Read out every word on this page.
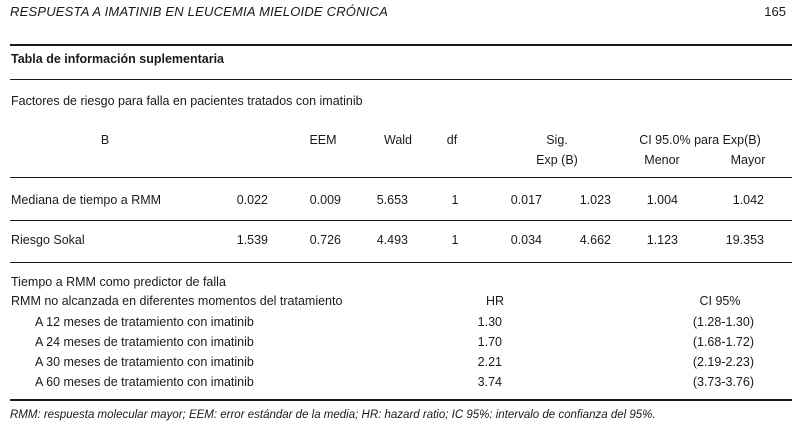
RESPUESTA A IMATINIB EN LEUCEMIA MIELOIDE CRÓNICA	165
Tabla de información suplementaria
Factores de riesgo para falla en pacientes tratados con imatinib
B	EEM	Wald	df	Sig.	CI 95.0% para Exp(B)
Exp (B)	Menor	Mayor
Mediana de tiempo a RMM	0.022	0.009	5.653	1	0.017	1.023	1.004	1.042
Riesgo Sokal	1.539	0.726	4.493	1	0.034	4.662	1.123	19.353
Tiempo a RMM como predictor de falla
RMM no alcanzada en diferentes momentos del tratamiento	HR	CI 95%
A 12 meses de tratamiento con imatinib	1.30	(1.28-1.30)
A 24 meses de tratamiento con imatinib	1.70	(1.68-1.72)
A 30 meses de tratamiento con imatinib	2.21	(2.19-2.23)
A 60 meses de tratamiento con imatinib	3.74	(3.73-3.76)
RMM: respuesta molecular mayor; EEM: error estándar de la media; HR: hazard ratio; IC 95%: intervalo de confianza del 95%.
